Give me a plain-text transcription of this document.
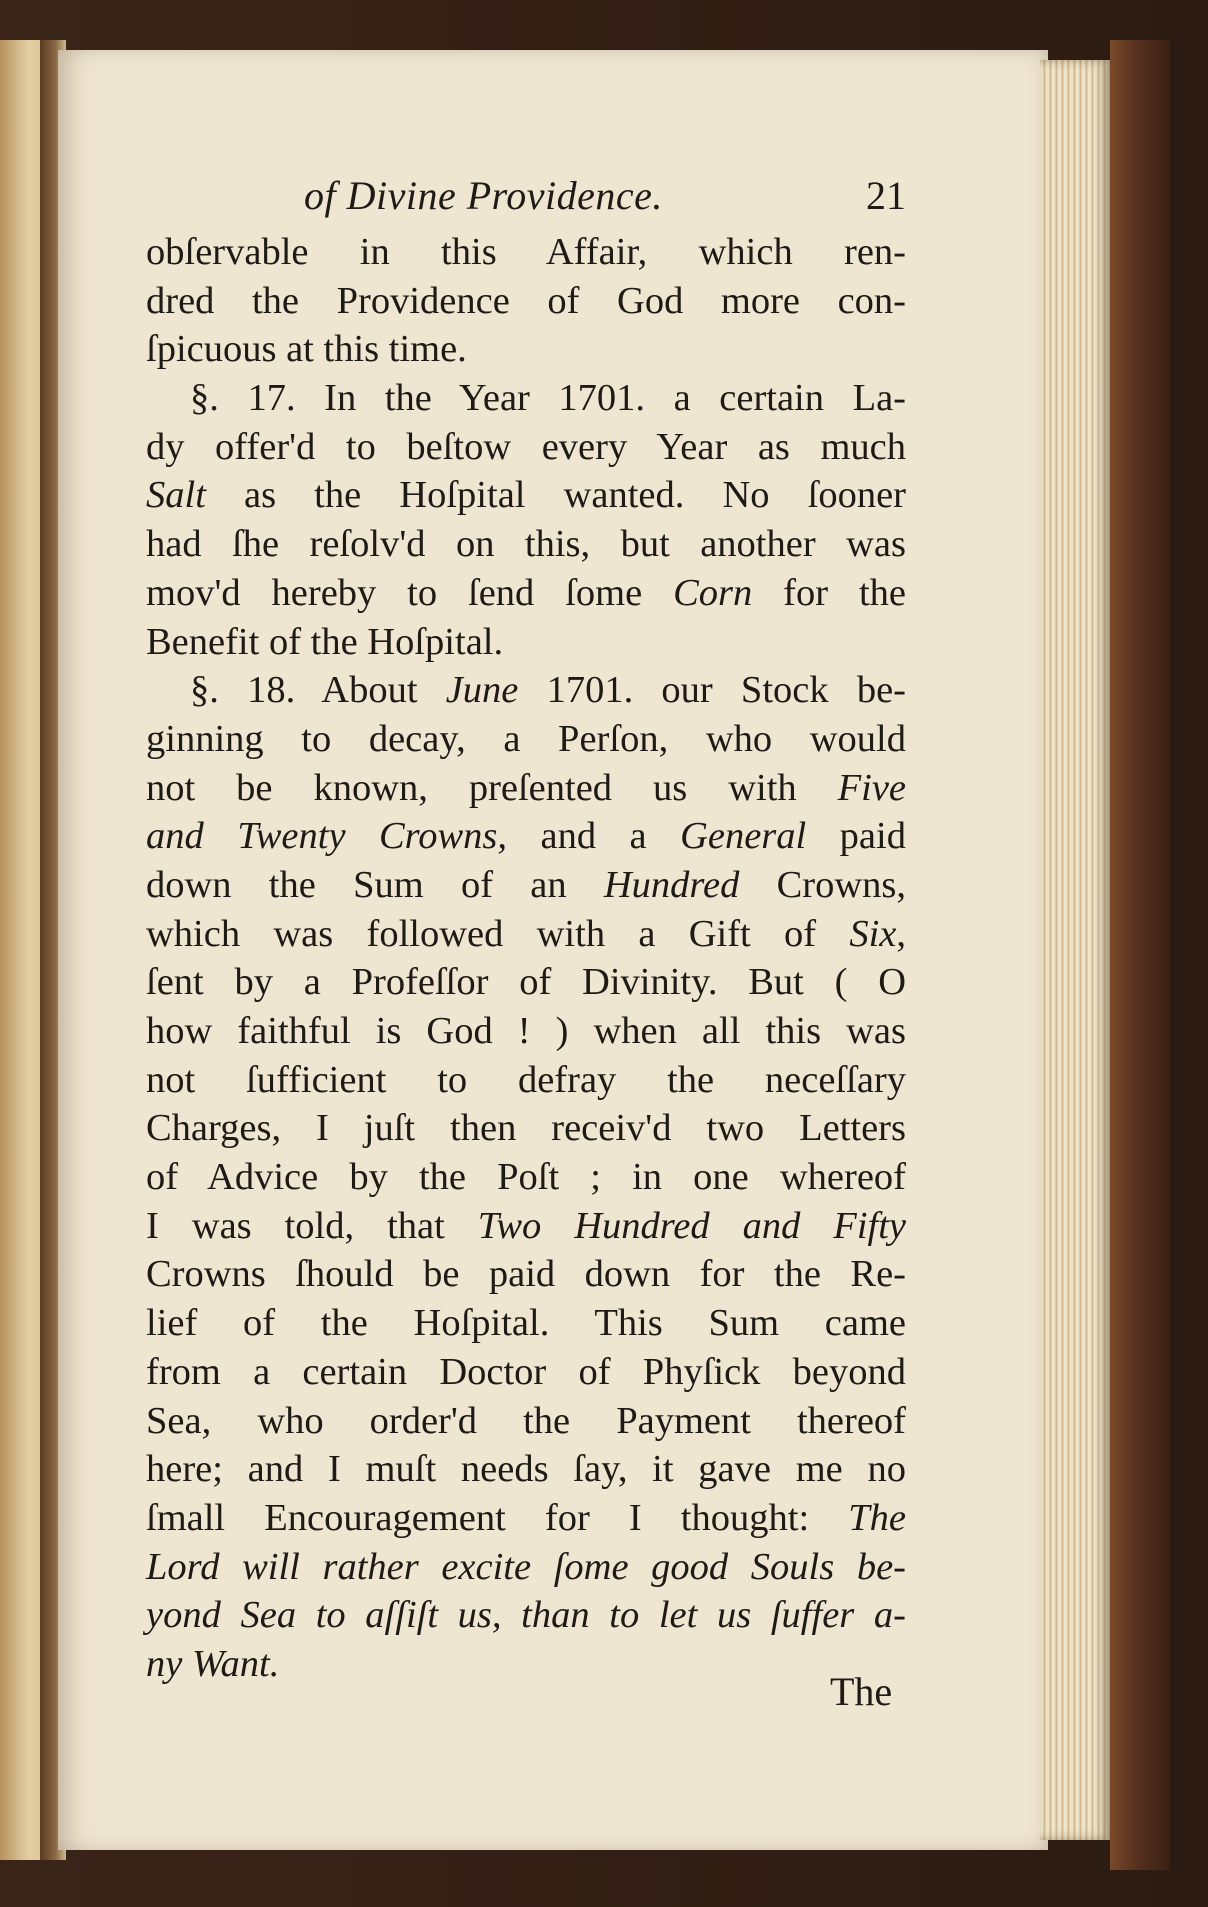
of Divine Providence.	21
obſervable in this Affair, which ren-
dred the Providence of God more con-
ſpicuous at this time.
§. 17. In the Year 1701. a certain La-
dy offer'd to beſtow every Year as much
Salt as the Hoſpital wanted. No ſooner
had ſhe reſolv'd on this, but another was
mov'd hereby to ſend ſome Corn for the
Benefit of the Hoſpital.
§. 18. About June 1701. our Stock be-
ginning to decay, a Perſon, who would
not be known, preſented us with Five
and Twenty Crowns, and a General paid
down the Sum of an Hundred Crowns,
which was followed with a Gift of Six,
ſent by a Profeſſor of Divinity. But ( O
how faithful is God ! ) when all this was
not ſufficient to defray the neceſſary
Charges, I juſt then receiv'd two Letters
of Advice by the Poſt ; in one whereof
I was told, that Two Hundred and Fifty
Crowns ſhould be paid down for the Re-
lief of the Hoſpital. This Sum came
from a certain Doctor of Phyſick beyond
Sea, who order'd the Payment thereof
here; and I muſt needs ſay, it gave me no
ſmall Encouragement for I thought: The
Lord will rather excite ſome good Souls be-
yond Sea to aſſiſt us, than to let us ſuffer a-
ny Want.
The
